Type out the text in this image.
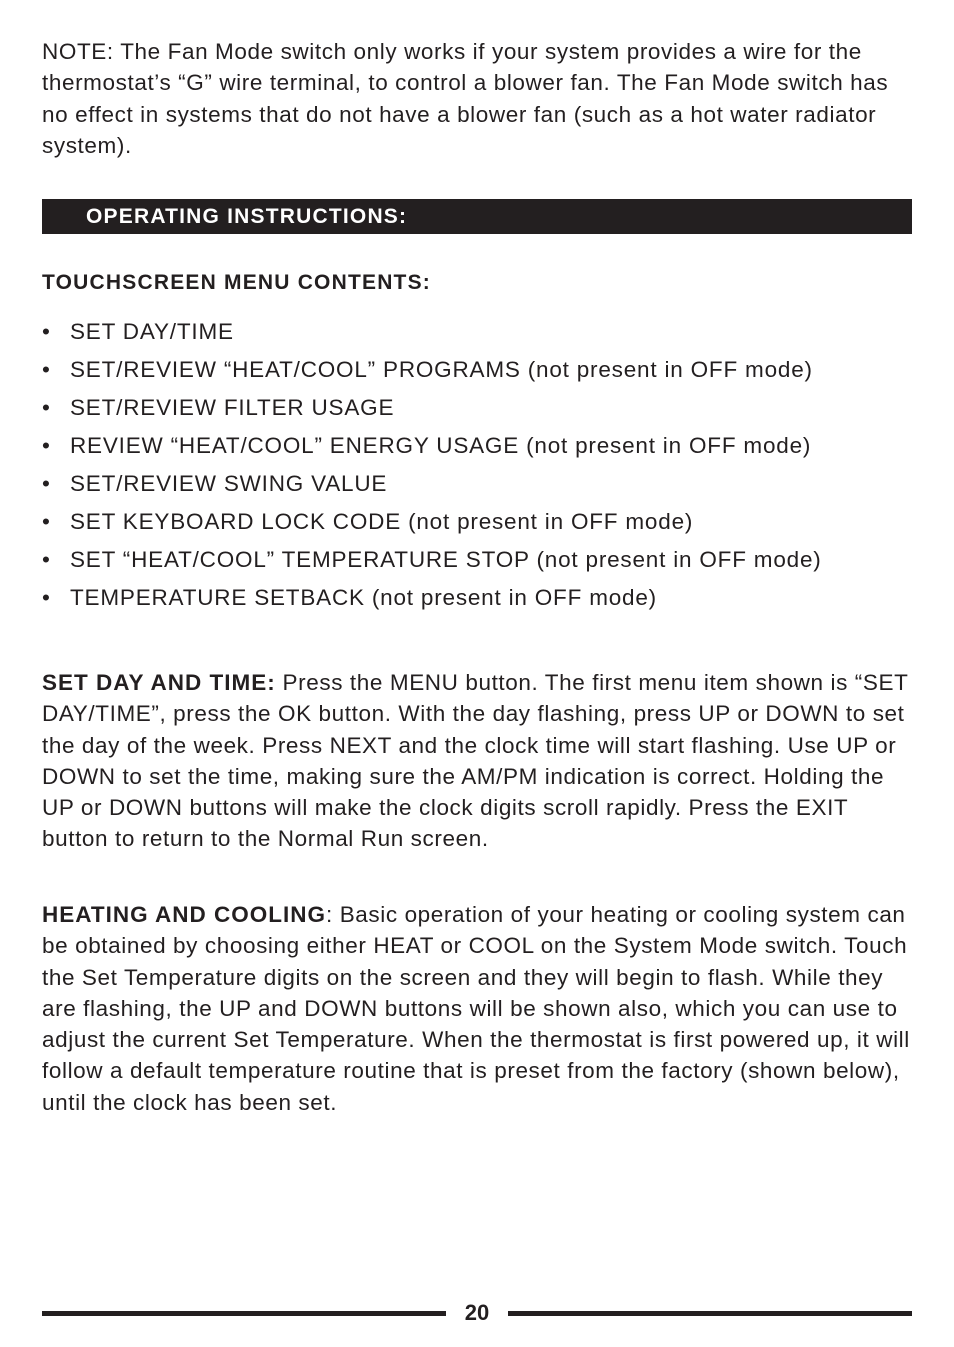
NOTE: The Fan Mode switch only works if your system provides a wire for the thermostat’s “G” wire terminal, to control a blower fan. The Fan Mode switch has no effect in systems that do not have a blower fan (such as a hot water radiator system).

OPERATING INSTRUCTIONS:

TOUCHSCREEN MENU CONTENTS:

• SET DAY/TIME
• SET/REVIEW “HEAT/COOL” PROGRAMS (not present in OFF mode)
• SET/REVIEW FILTER USAGE
• REVIEW “HEAT/COOL” ENERGY USAGE (not present in OFF mode)
• SET/REVIEW SWING VALUE
• SET KEYBOARD LOCK CODE (not present in OFF mode)
• SET “HEAT/COOL” TEMPERATURE STOP (not present in OFF mode)
• TEMPERATURE SETBACK (not present in OFF mode)

SET DAY AND TIME: Press the MENU button. The first menu item shown is “SET DAY/TIME”, press the OK button. With the day flashing, press UP or DOWN to set the day of the week. Press NEXT and the clock time will start flashing. Use UP or DOWN to set the time, making sure the AM/PM indication is correct. Holding the UP or DOWN buttons will make the clock digits scroll rapidly. Press the EXIT button to return to the Normal Run screen.

HEATING AND COOLING: Basic operation of your heating or cooling system can be obtained by choosing either HEAT or COOL on the System Mode switch. Touch the Set Temperature digits on the screen and they will begin to flash. While they are flashing, the UP and DOWN buttons will be shown also, which you can use to adjust the current Set Temperature. When the thermostat is first powered up, it will follow a default temperature routine that is preset from the factory (shown below), until the clock has been set.

20
